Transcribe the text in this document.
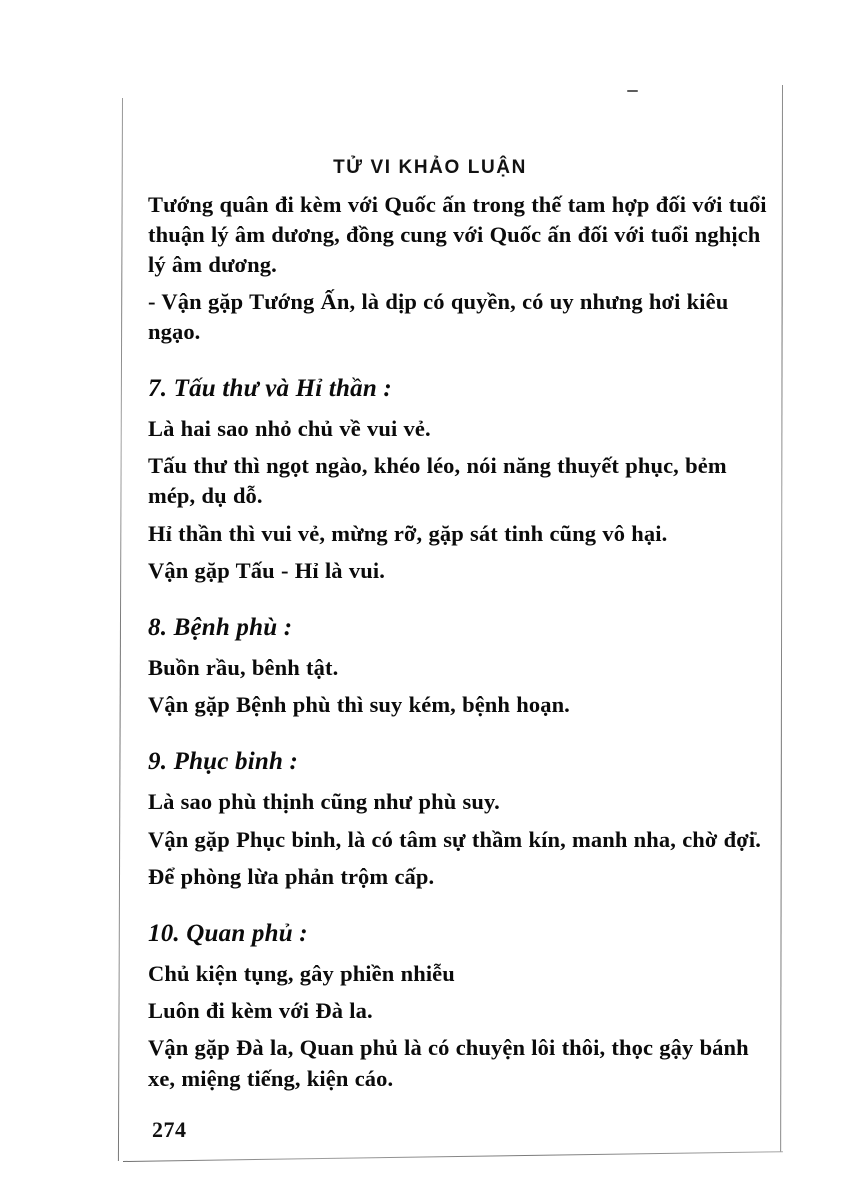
TỬ VI KHẢO LUẬN

Tướng quân đi kèm với Quốc ấn trong thế tam hợp đối với tuổi thuận lý âm dương, đồng cung với Quốc ấn đối với tuổi nghịch lý âm dương.

- Vận gặp Tướng Ấn, là dịp có quyền, có uy nhưng hơi kiêu ngạo.

7. Tấu thư và Hỉ thần :

Là hai sao nhỏ chủ về vui vẻ.

Tấu thư thì ngọt ngào, khéo léo, nói năng thuyết phục, bẻm mép, dụ dỗ.

Hỉ thần thì vui vẻ, mừng rỡ, gặp sát tinh cũng vô hại.

Vận gặp Tấu - Hỉ là vui.

8. Bệnh phù :

Buồn rầu, bênh tật.

Vận gặp Bệnh phù thì suy kém, bệnh hoạn.

9. Phục binh :

Là sao phù thịnh cũng như phù suy.

Vận gặp Phục binh, là có tâm sự thầm kín, manh nha, chờ đợi.

Để phòng lừa phản trộm cấp.

10. Quan phủ :

Chủ kiện tụng, gây phiền nhiễu

Luôn đi kèm với Đà la.

Vận gặp Đà la, Quan phủ là có chuyện lôi thôi, thọc gậy bánh xe, miệng tiếng, kiện cáo.

274
